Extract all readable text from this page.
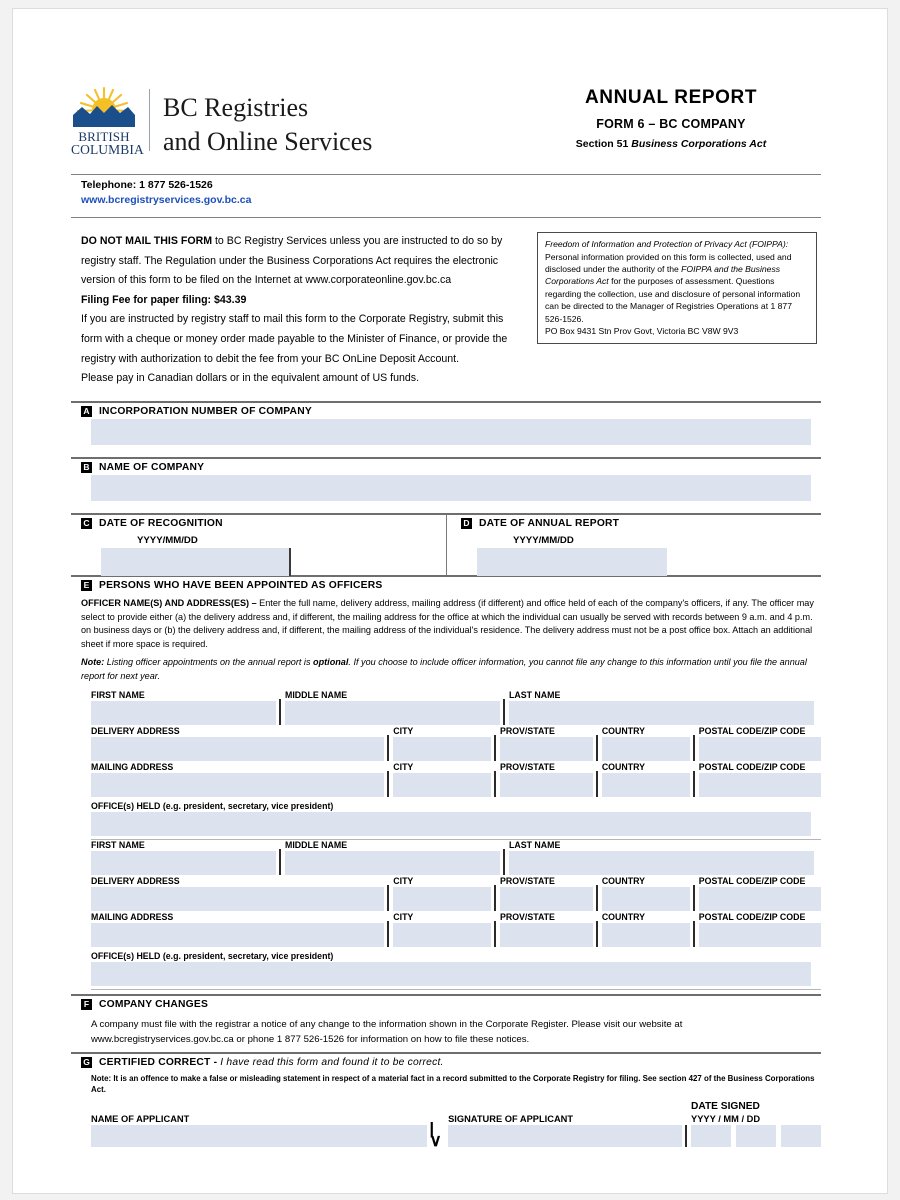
BRITISH
COLUMBIA
BC Registries
and Online Services
ANNUAL REPORT
FORM 6 – BC COMPANY
Section 51 Business Corporations Act
Telephone: 1 877 526-1526
www.bcregistryservices.gov.bc.ca

DO NOT MAIL THIS FORM to BC Registry Services unless you are instructed to do so by registry staff. The Regulation under the Business Corporations Act requires the electronic version of this form to be filed on the Internet at www.corporateonline.gov.bc.ca

Filing Fee for paper filing: $43.39

If you are instructed by registry staff to mail this form to the Corporate Registry, submit this form with a cheque or money order made payable to the Minister of Finance, or provide the registry with authorization to debit the fee from your BC OnLine Deposit Account.

Please pay in Canadian dollars or in the equivalent amount of US funds.

Freedom of Information and Protection of Privacy Act (FOIPPA): Personal information provided on this form is collected, used and disclosed under the authority of the FOIPPA and the Business Corporations Act for the purposes of assessment. Questions regarding the collection, use and disclosure of personal information can be directed to the Manager of Registries Operations at 1 877 526-1526.
PO Box 9431 Stn Prov Govt, Victoria BC V8W 9V3
A INCORPORATION NUMBER OF COMPANY
B NAME OF COMPANY
C DATE OF RECOGNITION
YYYY/MM/DD
D DATE OF ANNUAL REPORT
YYYY/MM/DD
E PERSONS WHO HAVE BEEN APPOINTED AS OFFICERS
OFFICER NAME(S) AND ADDRESS(ES) – Enter the full name, delivery address, mailing address (if different) and office held of each of the company's officers, if any. The officer may select to provide either (a) the delivery address and, if different, the mailing address for the office at which the individual can usually be served with records between 9 a.m. and 4 p.m. on business days or (b) the delivery address and, if different, the mailing address of the individual's residence. The delivery address must not be a post office box. Attach an additional sheet if more space is required.
Note: Listing officer appointments on the annual report is optional. If you choose to include officer information, you cannot file any change to this information until you file the annual report for next year.
FIRST NAME	MIDDLE NAME	LAST NAME
DELIVERY ADDRESS	CITY	PROV/STATE	COUNTRY	POSTAL CODE/ZIP CODE
MAILING ADDRESS	CITY	PROV/STATE	COUNTRY	POSTAL CODE/ZIP CODE
OFFICE(s) HELD (e.g. president, secretary, vice president)
FIRST NAME	MIDDLE NAME	LAST NAME
DELIVERY ADDRESS	CITY	PROV/STATE	COUNTRY	POSTAL CODE/ZIP CODE
MAILING ADDRESS	CITY	PROV/STATE	COUNTRY	POSTAL CODE/ZIP CODE
OFFICE(s) HELD (e.g. president, secretary, vice president)
F COMPANY CHANGES
A company must file with the registrar a notice of any change to the information shown in the Corporate Register. Please visit our website at www.bcregistryservices.gov.bc.ca or phone 1 877 526-1526 for information on how to file these notices.
G CERTIFIED CORRECT - I have read this form and found it to be correct.
Note: It is an offence to make a false or misleading statement in respect of a material fact in a record submitted to the Corporate Registry for filing. See section 427 of the Business Corporations Act.
NAME OF APPLICANT	|∨
SIGNATURE OF APPLICANT
DATE SIGNED
YYYY / MM / DD
